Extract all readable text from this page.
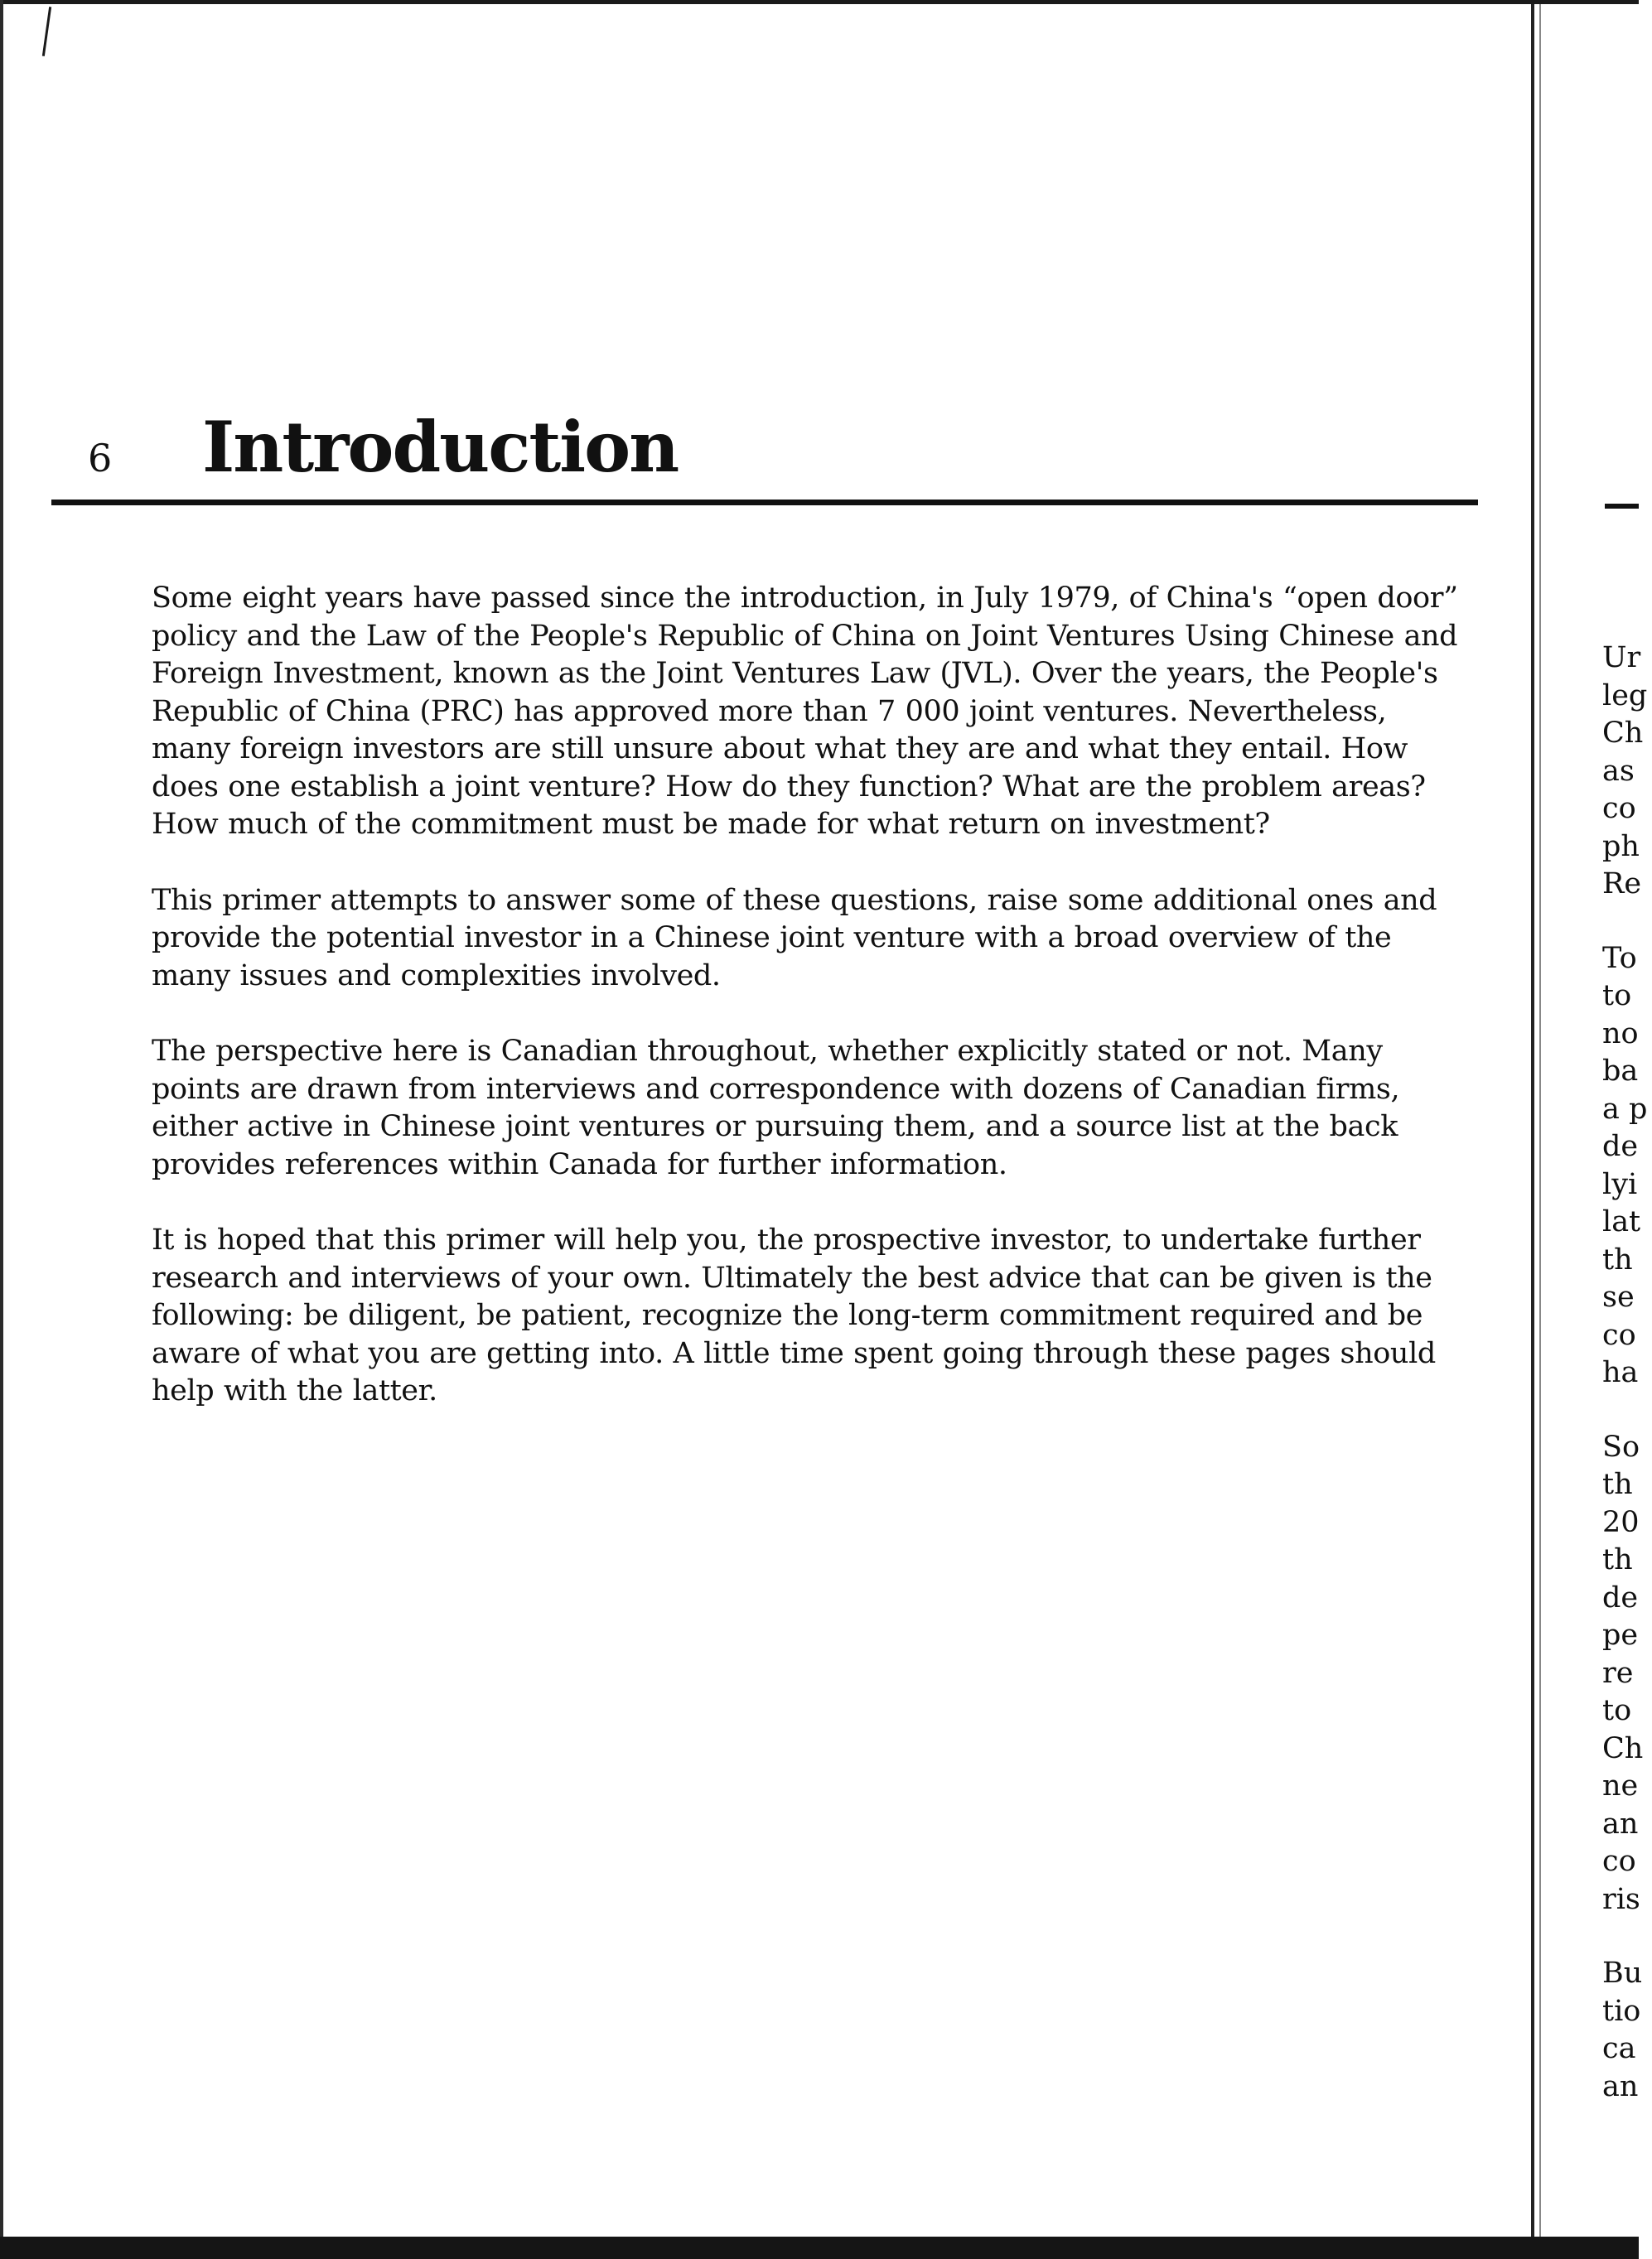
6 Introduction

Some eight years have passed since the introduction, in July 1979, of China's “open door” policy and the Law of the People's Republic of China on Joint Ventures Using Chinese and Foreign Investment, known as the Joint Ventures Law (JVL). Over the years, the People's Republic of China (PRC) has approved more than 7 000 joint ventures. Nevertheless, many foreign investors are still unsure about what they are and what they entail. How does one establish a joint venture? How do they function? What are the problem areas? How much of the commitment must be made for what return on investment?

This primer attempts to answer some of these questions, raise some additional ones and provide the potential investor in a Chinese joint venture with a broad overview of the many issues and complexities involved.

The perspective here is Canadian throughout, whether explicitly stated or not. Many points are drawn from interviews and correspondence with dozens of Canadian firms, either active in Chinese joint ventures or pursuing them, and a source list at the back provides references within Canada for further information.

It is hoped that this primer will help you, the prospective investor, to undertake further research and interviews of your own. Ultimately the best advice that can be given is the following: be diligent, be patient, recognize the long-term commitment required and be aware of what you are getting into. A little time spent going through these pages should help with the latter.

Ur
leg
Ch
as
co
ph
Re
To
to
no
ba
a p
de
lyi
lat
th
se
co
ha
So
th
20
th
de
pe
re
to
Ch
ne
an
co
ris
Bu
tio
ca
an
